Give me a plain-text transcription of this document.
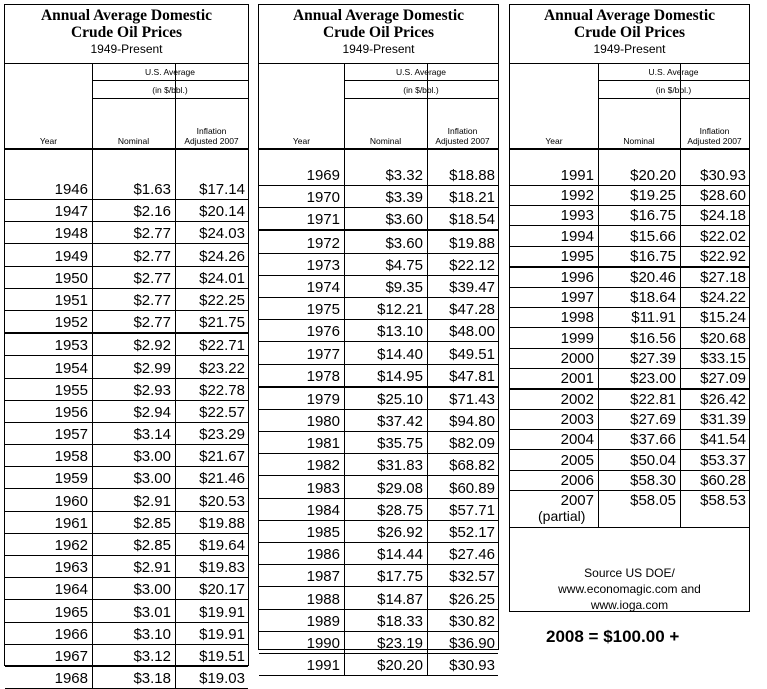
Annual Average Domestic
Crude Oil Prices
1949-Present
U.S. Average
(in $/bbl.)
Year	Nominal
Inflation
Adjusted 2007
1946	$1.63 $17.14
1947	$2.16 $20.14
1948	$2.77 $24.03
1949	$2.77 $24.26
1950	$2.77 $24.01
1951	$2.77 $22.25
1952	$2.77 $21.75
1953	$2.92 $22.71
1954	$2.99 $23.22
1955	$2.93 $22.78
1956	$2.94 $22.57
1957	$3.14 $23.29
1958	$3.00 $21.67
1959	$3.00 $21.46
1960	$2.91 $20.53
1961	$2.85 $19.88
1962	$2.85 $19.64
1963	$2.91 $19.83
1964	$3.00 $20.17
1965	$3.01 $19.91
1966	$3.10 $19.91
1967	$3.12 $19.51
1968	$3.18 $19.03
Annual Average Domestic
Crude Oil Prices
1949-Present
U.S. Average
(in $/bbl.)
Year	Nominal
Inflation
Adjusted 2007
1969	$3.32 $18.88
1970	$3.39 $18.21
1971	$3.60 $18.54
1972	$3.60 $19.88
1973	$4.75 $22.12
1974	$9.35 $39.47
1975	$12.21 $47.28
1976	$13.10 $48.00
1977	$14.40 $49.51
1978	$14.95 $47.81
1979	$25.10 $71.43
1980	$37.42 $94.80
1981	$35.75 $82.09
1982	$31.83 $68.82
1983	$29.08 $60.89
1984	$28.75 $57.71
1985	$26.92 $52.17
1986	$14.44 $27.46
1987	$17.75 $32.57
1988	$14.87 $26.25
1989	$18.33 $30.82
1990	$23.19 $36.90
1991	$20.20 $30.93
Annual Average Domestic
Crude Oil Prices
1949-Present
U.S. Average
(in $/bbl.)
Year	Nominal
Inflation
Adjusted 2007
1991	$20.20 $30.93
1992	$19.25 $28.60
1993	$16.75 $24.18
1994	$15.66 $22.02
1995	$16.75 $22.92
1996	$20.46 $27.18
1997	$18.64 $24.22
1998	$11.91 $15.24
1999	$16.56 $20.68
2000	$27.39 $33.15
2001	$23.00 $27.09
2002	$22.81 $26.42
2003	$27.69 $31.39
2004	$37.66 $41.54
2005	$50.04 $53.37
2006	$58.30 $60.28
2007	$58.05 $58.53
(partial)
Source US DOE/
www.economagic.com and
www.ioga.com
2008 = $100.00 +
